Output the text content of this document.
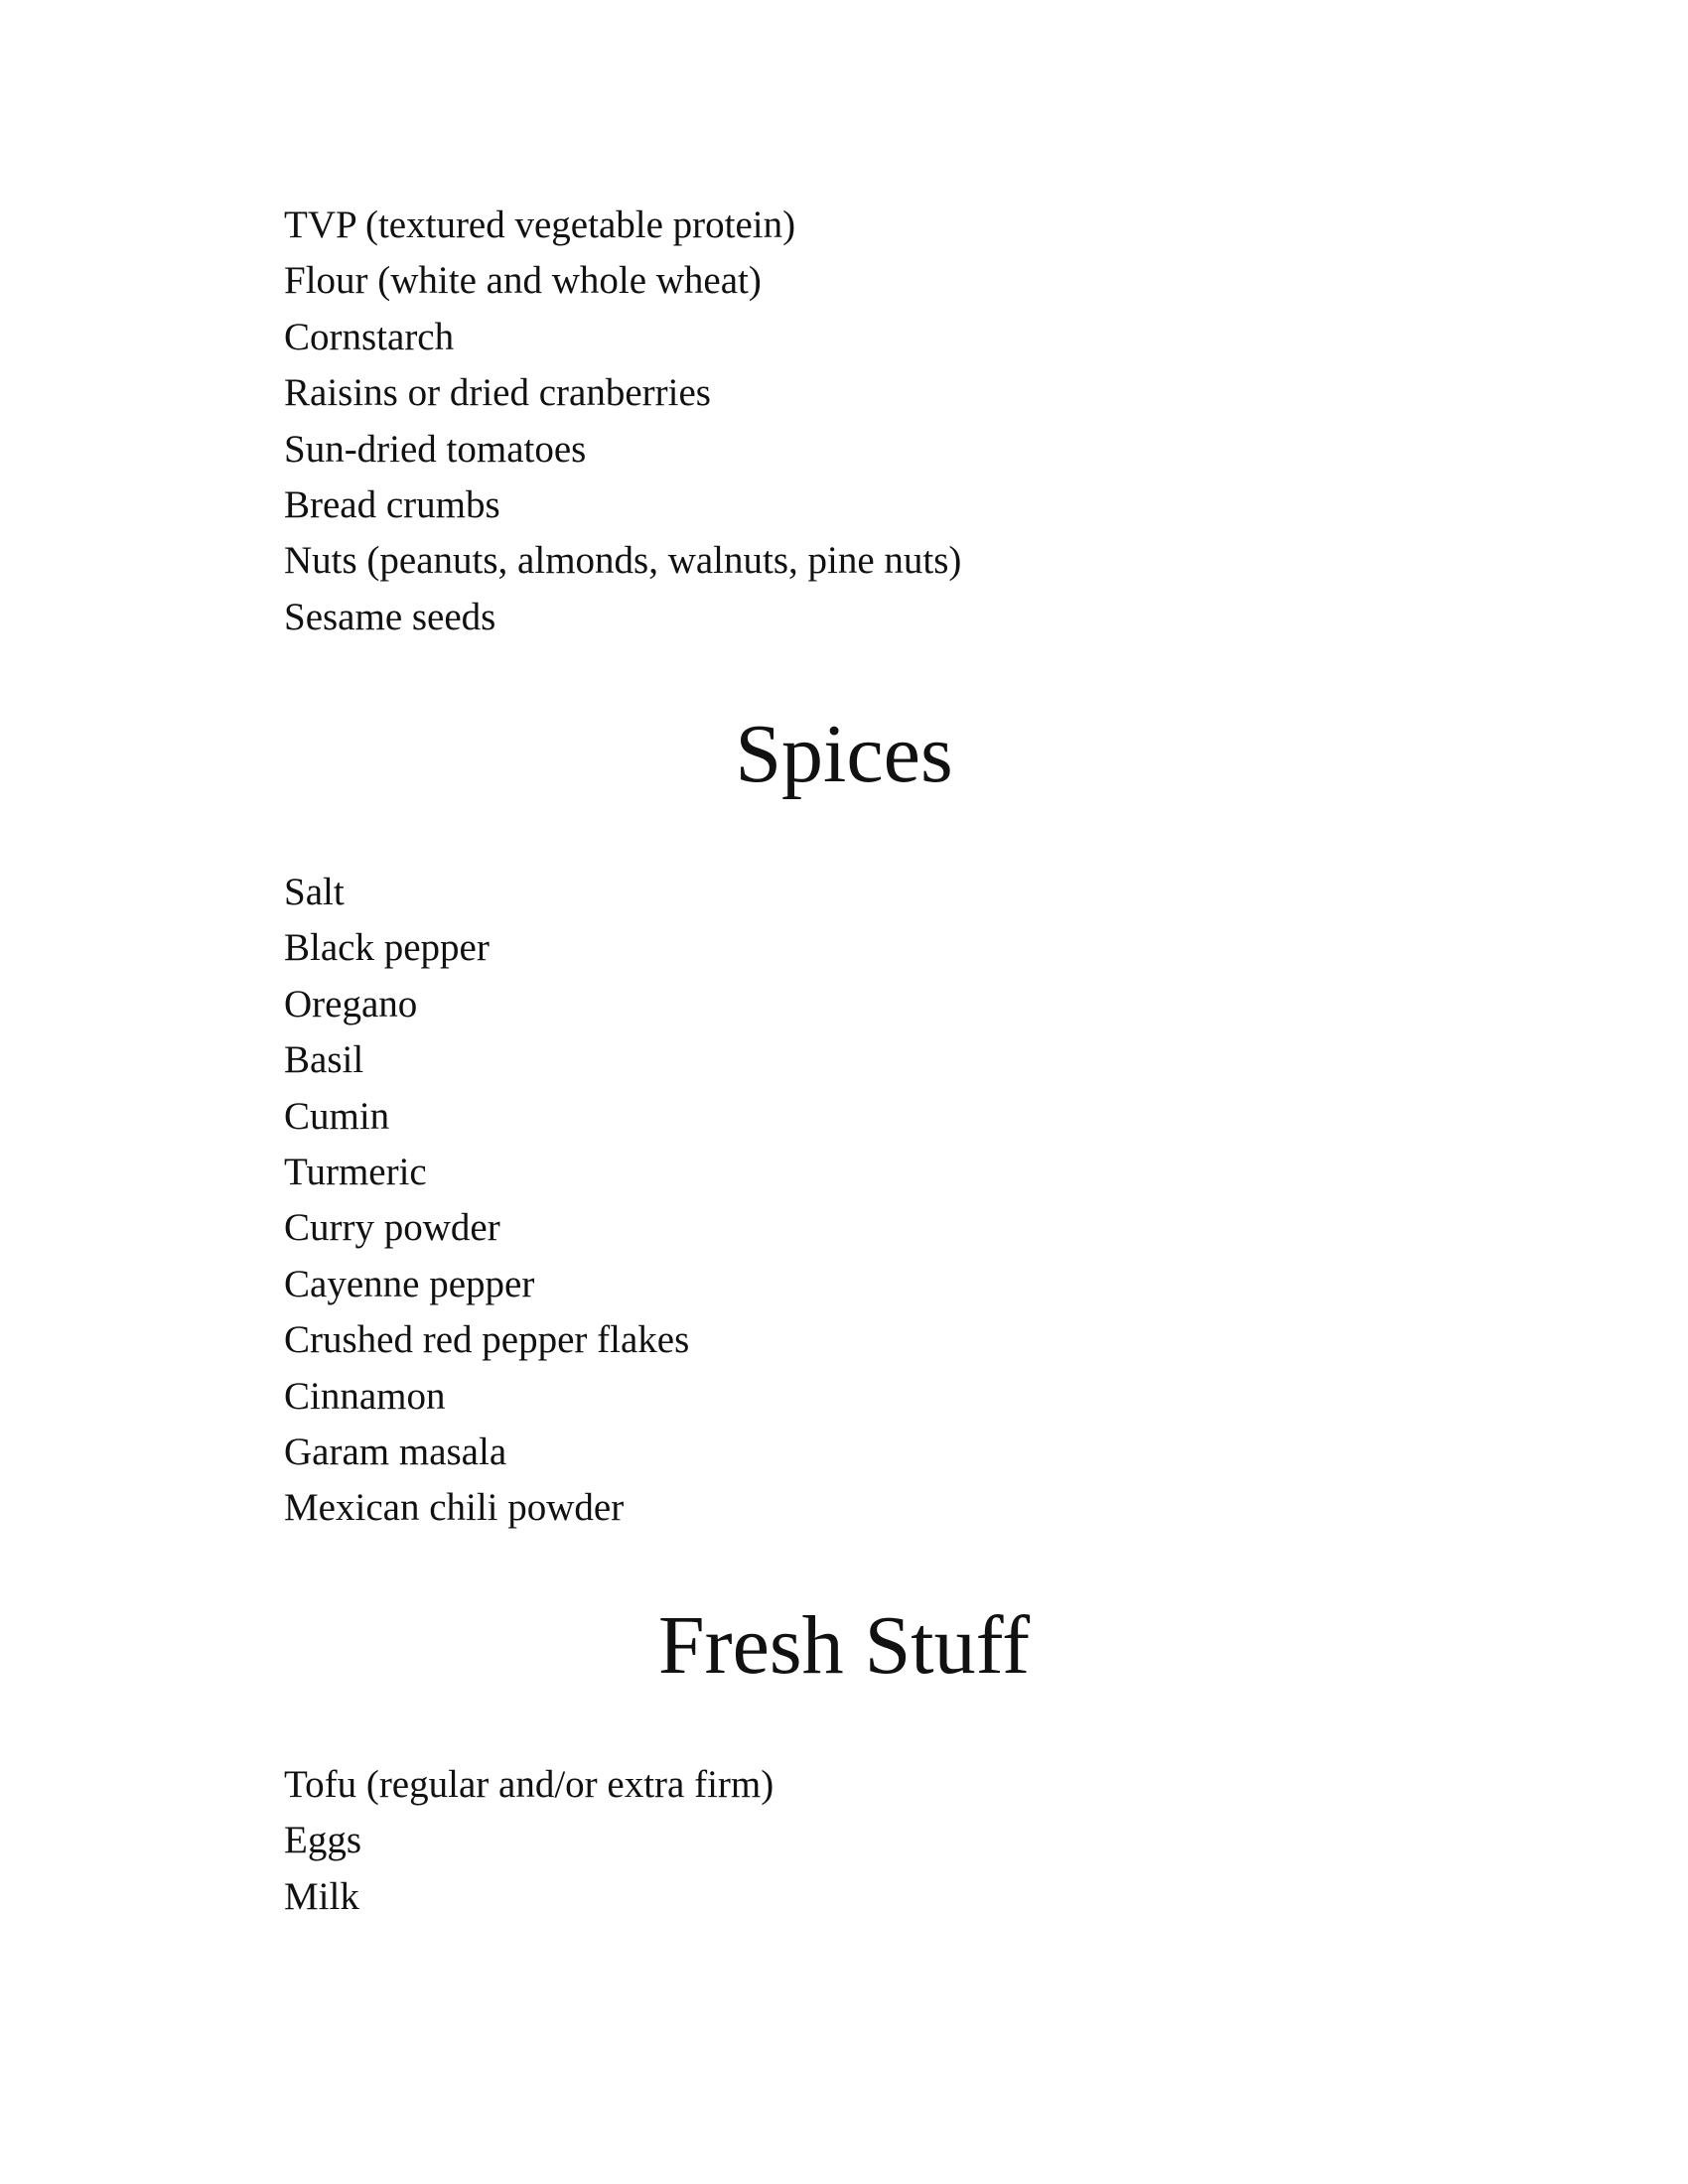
TVP (textured vegetable protein)
Flour (white and whole wheat)
Cornstarch
Raisins or dried cranberries
Sun-dried tomatoes
Bread crumbs
Nuts (peanuts, almonds, walnuts, pine nuts)
Sesame seeds
Spices
Salt
Black pepper
Oregano
Basil
Cumin
Turmeric
Curry powder
Cayenne pepper
Crushed red pepper flakes
Cinnamon
Garam masala
Mexican chili powder
Fresh Stuff
Tofu (regular and/or extra firm)
Eggs
Milk
